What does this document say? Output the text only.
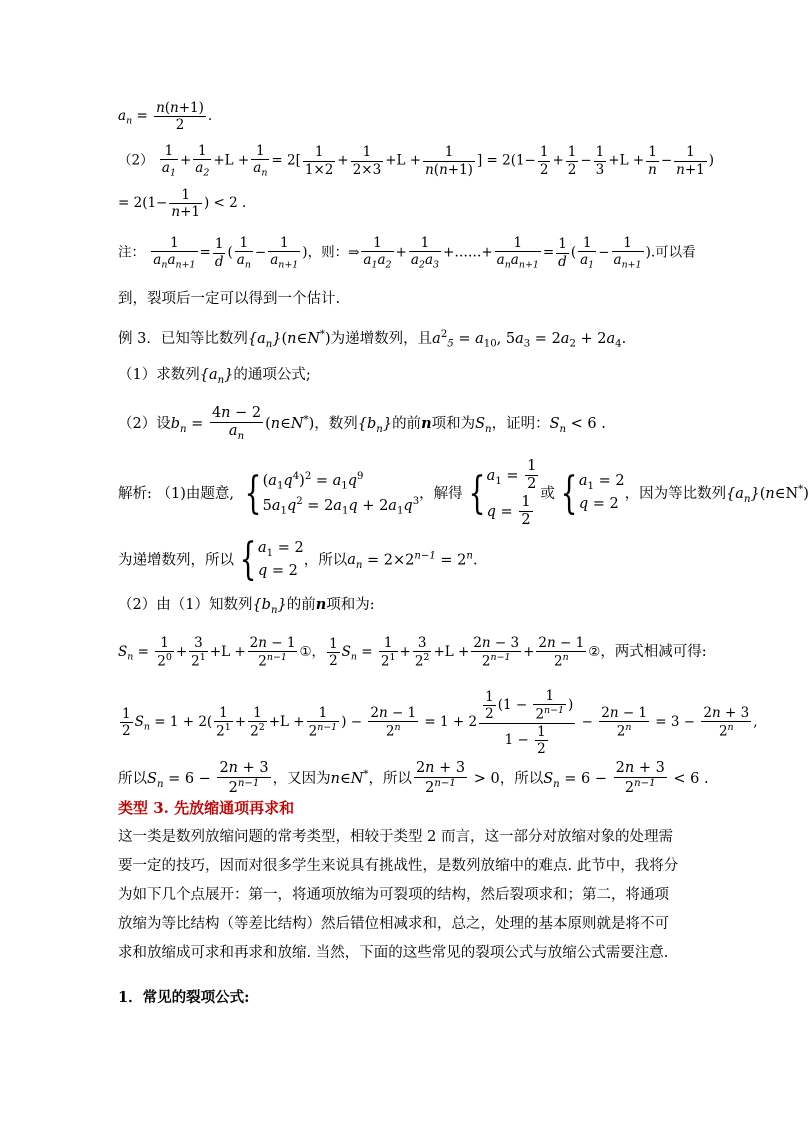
$a_n = \frac{n(n+1)}{2}$ .
$(2) \frac{1}{a_1} + \frac{1}{a_2} +L + \frac{1}{a_n} = 2[ \frac{1}{1\times 2} + \frac{1}{2\times 3} +L + \frac{1}{n(n+1)}$ ] = $2(1- \frac{1}{2} + \frac{1}{2} - \frac{1}{3} +L + \frac{1}{n} - \frac{1}{n+1}$ )
= $2(1- \frac{1}{n+1}$ ) < 2 .
注： $\frac{1}{a_na_{n+1}} = \frac{1}{d}$ ( $\frac{1}{a_n} - \frac{1}{a_{n+1}}$ )，则：⇒ $\frac{1}{a_1a_2} + \frac{1}{a_2a_3}$ +……+ $\frac{1}{a_na_{n+1}} = \frac{1}{d}$ ( $\frac{1}{a_1} - \frac{1}{a_{n+1}}$ ).可以看
到，裂项后一定可以得到一个估计.
例 3．已知等比数列$\{a_n\}(n\in N^*)$为递增数列，且$a^2_5 = a_{10}$, $5a_3 = 2a_2 + 2a_4$.
（1）求数列$\{a_n\}$的通项公式;
（2）设$b_n = \frac{4n - 2}{a_n}$ (n∈N*)，数列$\{b_n\}$的前n项和为$S_n$，证明：$S_n < 6$ .
解析: （1)由题意, { $(a_1q^4)^2 = a_1q^9$
$5a_1q^2 = 2a_1q + 2a_1q^3$ ，解得 { $a_1 = \frac{1}{2}$
$q = \frac{1}{2}$ 或 { $a_1 = 2$
q = 2
，因为等比数列$\{a_n\}(n\in N^*)$
为递增数列，所以 { $a_1 = 2$
q = 2
，所以$a_n = 2\times 2^{n-1} = 2^n$.
（2）由（1）知数列$\{b_n\}$的前n项和为:
$S_n = \frac{1}{2^0} + \frac{3}{2^1} +L + \frac{2n - 1}{2^{n-1}}$ ①， $\frac{1}{2} S_n = \frac{1}{2^1} + \frac{3}{2^2} +L + \frac{2n - 3}{2^{n-1}} + \frac{2n - 1}{2^n}$ ②，两式相减可得:
$\frac{1}{2} S_n = 1 + 2( \frac{1}{2^1} + \frac{1}{2^2} +L + \frac{1}{2^{n-1}}$ ) − $\frac{2n - 1}{2^n} = 1 + 2 \frac{\frac{1}{2} (1 - \frac{1}{2^{n-1}} )}{1 - \frac{1}{2}} - \frac{2n - 1}{2^n} = 3 - \frac{2n + 3}{2^n}$ ,
所以$S_n = 6 - \frac{2n + 3}{2^{n-1}}$ ，又因为n∈N*，所以 $\frac{2n + 3}{2^{n-1}} > 0$，所以$S_n = 6 - \frac{2n + 3}{2^{n-1}} < 6$ .
类型 3. 先放缩通项再求和
这一类是数列放缩问题的常考类型，相较于类型 2 而言，这一部分对放缩对象的处理需要一定的技巧，因而对很多学生来说具有挑战性，是数列放缩中的难点. 此节中，我将分为如下几个点展开：第一，将通项放缩为可裂项的结构，然后裂项求和；第二，将通项放缩为等比结构（等差比结构）然后错位相减求和，总之，处理的基本原则就是将不可求和放缩成可求和再求和放缩. 当然，下面的这些常见的裂项公式与放缩公式需要注意.
1．常见的裂项公式:
